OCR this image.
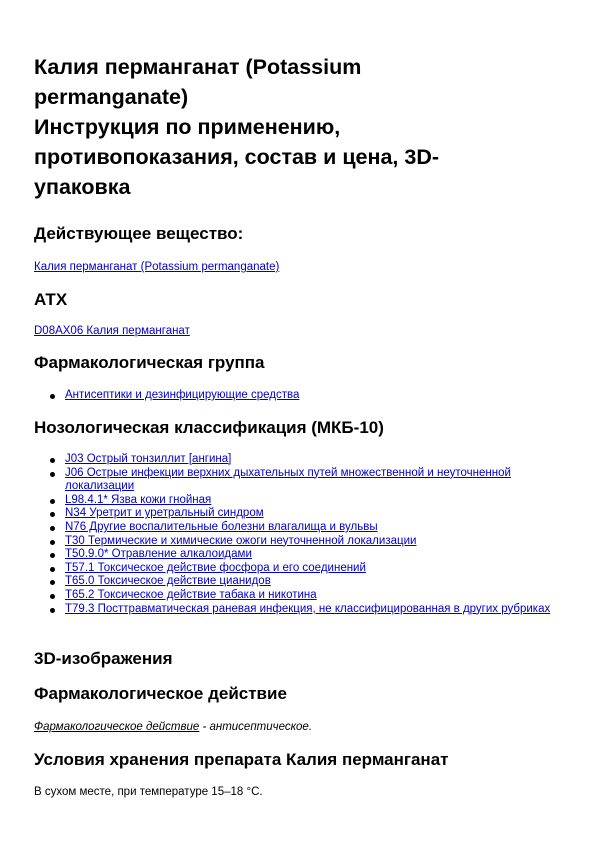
Калия перманганат (Potassium
permanganate)
Инструкция по применению,
противопоказания, состав и цена, 3D-
упаковка
Действующее вещество:
Калия перманганат (Potassium permanganate)
АТХ
D08AX06 Калия перманганат
Фармакологическая группа
Антисептики и дезинфицирующие средства
Нозологическая классификация (МКБ-10)
J03 Острый тонзиллит [ангина]
J06 Острые инфекции верхних дыхательных путей множественной и неуточненной локализации
L98.4.1* Язва кожи гнойная
N34 Уретрит и уретральный синдром
N76 Другие воспалительные болезни влагалища и вульвы
T30 Термические и химические ожоги неуточненной локализации
T50.9.0* Отравление алкалоидами
T57.1 Токсическое действие фосфора и его соединений
T65.0 Токсическое действие цианидов
T65.2 Токсическое действие табака и никотина
T79.3 Посттравматическая раневая инфекция, не классифицированная в других рубриках
3D-изображения
Фармакологическое действие
Фармакологическое действие - антисептическое.
Условия хранения препарата Калия перманганат
В сухом месте, при температуре 15–18 °C.
